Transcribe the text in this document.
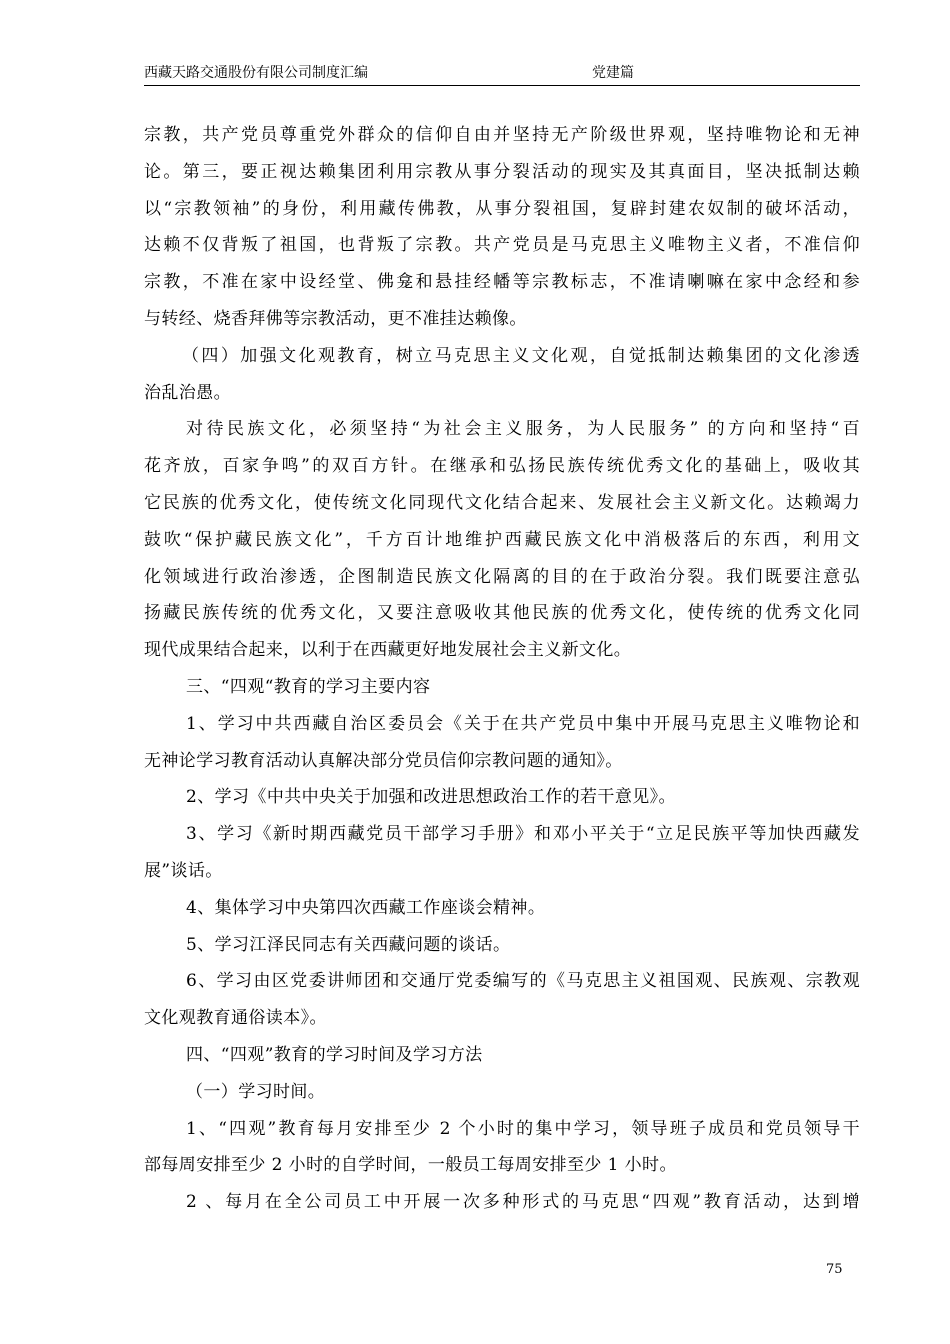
西藏天路交通股份有限公司制度汇编	党建篇
宗教，共产党员尊重党外群众的信仰自由并坚持无产阶级世界观，坚持唯物论和无神
论。第三，要正视达赖集团利用宗教从事分裂活动的现实及其真面目，坚决抵制达赖
以“宗教领袖”的身份，利用藏传佛教，从事分裂祖国，复辟封建农奴制的破坏活动，
达赖不仅背叛了祖国，也背叛了宗教。共产党员是马克思主义唯物主义者，不准信仰
宗教，不准在家中设经堂、佛龛和悬挂经幡等宗教标志，不准请喇嘛在家中念经和参
与转经、烧香拜佛等宗教活动，更不准挂达赖像。
（四）加强文化观教育，树立马克思主义文化观，自觉抵制达赖集团的文化渗透
治乱治愚。
对待民族文化，必须坚持“为社会主义服务，为人民服务” 的方向和坚持“百
花齐放，百家争鸣”的双百方针。在继承和弘扬民族传统优秀文化的基础上，吸收其
它民族的优秀文化，使传统文化同现代文化结合起来、发展社会主义新文化。达赖竭力
鼓吹“保护藏民族文化”，千方百计地维护西藏民族文化中消极落后的东西，利用文
化领域进行政治渗透，企图制造民族文化隔离的目的在于政治分裂。我们既要注意弘
扬藏民族传统的优秀文化，又要注意吸收其他民族的优秀文化，使传统的优秀文化同
现代成果结合起来，以利于在西藏更好地发展社会主义新文化。
三、“四观“教育的学习主要内容
1、学习中共西藏自治区委员会《关于在共产党员中集中开展马克思主义唯物论和
无神论学习教育活动认真解决部分党员信仰宗教问题的通知》。
2、学习《中共中央关于加强和改进思想政治工作的若干意见》。
3、学习《新时期西藏党员干部学习手册》和邓小平关于“立足民族平等加快西藏发
展”谈话。
4、集体学习中央第四次西藏工作座谈会精神。
5、学习江泽民同志有关西藏问题的谈话。
6、学习由区党委讲师团和交通厅党委编写的《马克思主义祖国观、民族观、宗教观
文化观教育通俗读本》。
四、“四观”教育的学习时间及学习方法
（一）学习时间。
1、“四观”教育每月安排至少 2 个小时的集中学习，领导班子成员和党员领导干
部每周安排至少 2 小时的自学时间，一般员工每周安排至少 1 小时。
2 、每月在全公司员工中开展一次多种形式的马克思“四观”教育活动，达到增
75
